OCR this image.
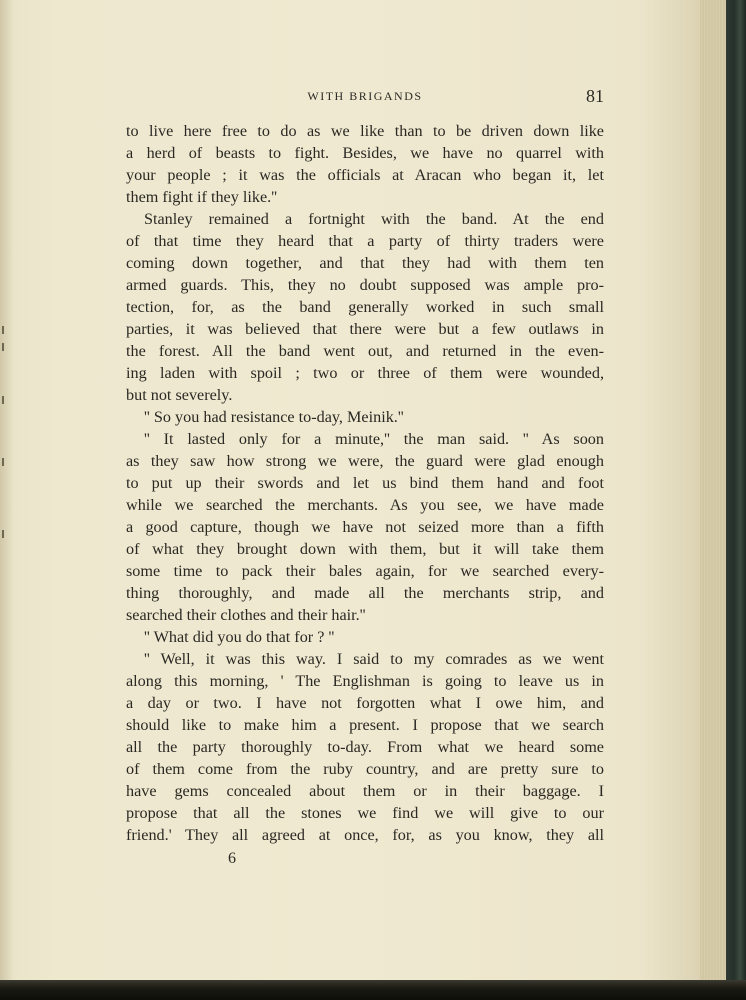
WITH BRIGANDS	81
to live here free to do as we like than to be driven down like
a herd of beasts to fight. Besides, we have no quarrel with
your people ; it was the officials at Aracan who began it, let
them fight if they like.''
Stanley remained a fortnight with the band. At the end
of that time they heard that a party of thirty traders were
coming down together, and that they had with them ten
armed guards. This, they no doubt supposed was ample pro-
tection, for, as the band generally worked in such small
parties, it was believed that there were but a few outlaws in
the forest. All the band went out, and returned in the even-
ing laden with spoil ; two or three of them were wounded,
but not severely.
'' So you had resistance to-day, Meinik.''
'' It lasted only for a minute,'' the man said. '' As soon
as they saw how strong we were, the guard were glad enough
to put up their swords and let us bind them hand and foot
while we searched the merchants. As you see, we have made
a good capture, though we have not seized more than a fifth
of what they brought down with them, but it will take them
some time to pack their bales again, for we searched every-
thing thoroughly, and made all the merchants strip, and
searched their clothes and their hair.''
'' What did you do that for ? ''
'' Well, it was this way. I said to my comrades as we went
along this morning, ' The Englishman is going to leave us in
a day or two. I have not forgotten what I owe him, and
should like to make him a present. I propose that we search
all the party thoroughly to-day. From what we heard some
of them come from the ruby country, and are pretty sure to
have gems concealed about them or in their baggage. I
propose that all the stones we find we will give to our
friend.' They all agreed at once, for, as you know, they all
6
